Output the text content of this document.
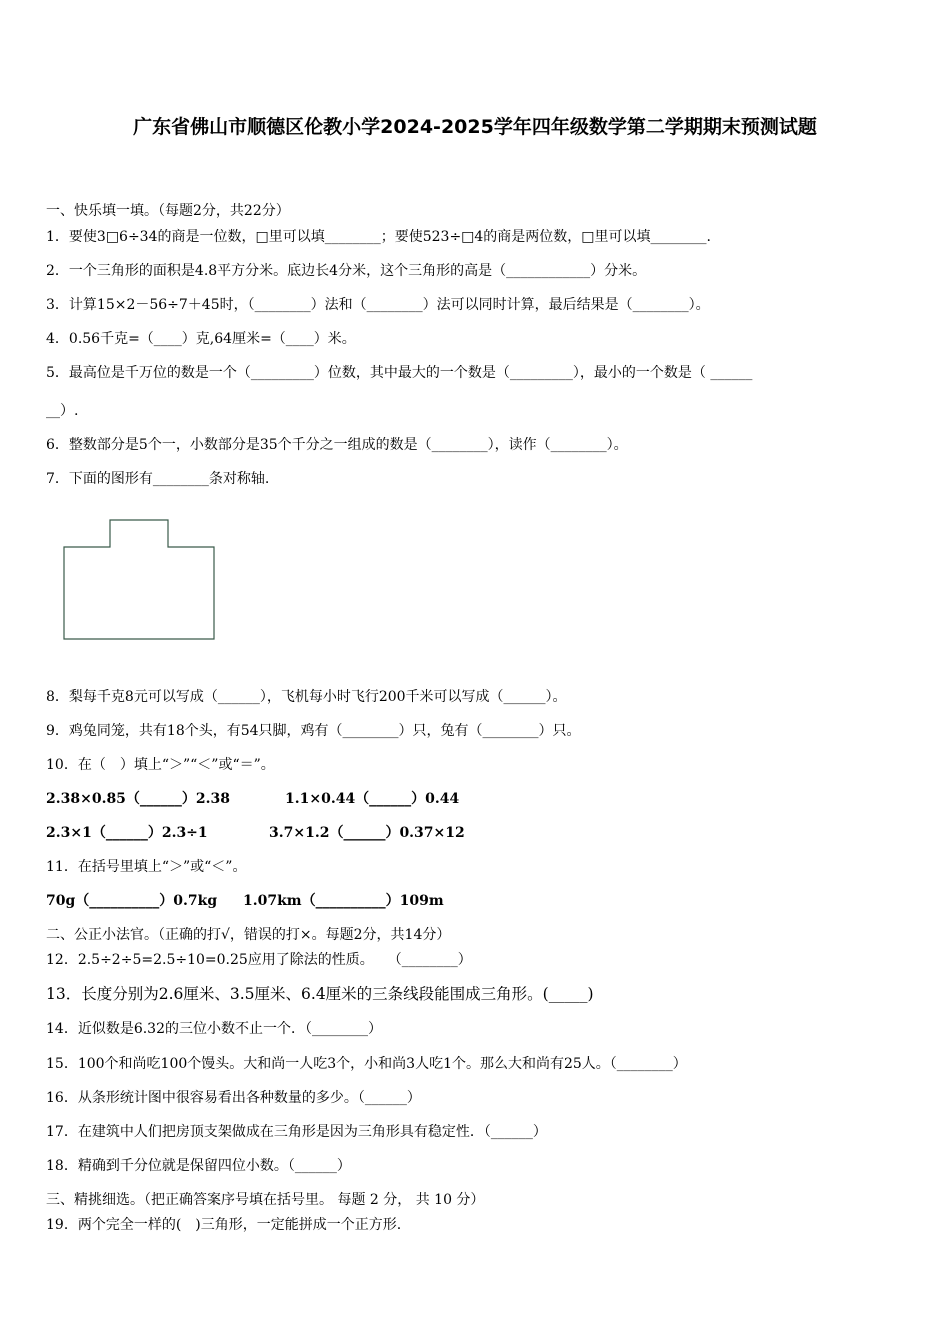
广东省佛山市顺德区伦教小学2024-2025学年四年级数学第二学期期末预测试题
一、快乐填一填。（每题2分，共22分）
1．要使3□6÷34的商是一位数，□里可以填________；要使523÷□4的商是两位数，□里可以填________.
2．一个三角形的面积是4.8平方分米。底边长4分米，这个三角形的高是（____________）分米。
3．计算15×2－56÷7＋45时，（________）法和（________）法可以同时计算，最后结果是（________）。
4．0.56千克=（____）克,64厘米=（____）米。
5．最高位是千万位的数是一个（_________）位数，其中最大的一个数是（_________），最小的一个数是（ ______
__）.
6．整数部分是5个一，小数部分是35个千分之一组成的数是（________），读作（________）。
7．下面的图形有________条对称轴.
8．梨每千克8元可以写成（______），飞机每小时飞行200千米可以写成（______）。
9．鸡兔同笼，共有18个头，有54只脚，鸡有（________）只，兔有（________）只。
10．在（　）填上“＞”“＜”或“＝”。
2.38×0.85（______）2.38	1.1×0.44（______）0.44
2.3×1（______）2.3÷1	3.7×1.2（______）0.37×12
11．在括号里填上“＞”或“＜”。
70g（__________）0.7kg 1.07km（__________）109m
二、公正小法官。（正确的打√，错误的打×。每题2分，共14分）
12．2.5÷2÷5=2.5÷10=0.25应用了除法的性质。　　（________）
13．长度分别为2.6厘米、3.5厘米、6.4厘米的三条线段能围成三角形。(_____)
14．近似数是6.32的三位小数不止一个．（________）
15．100个和尚吃100个馒头。大和尚一人吃3个，小和尚3人吃1个。那么大和尚有25人。（________）
16．从条形统计图中很容易看出各种数量的多少。（______）
17．在建筑中人们把房顶支架做成在三角形是因为三角形具有稳定性．（______）
18．精确到千分位就是保留四位小数。（______）
三、精挑细选。（把正确答案序号填在括号里。 每题 2 分， 共 10 分）
19．两个完全一样的(　)三角形，一定能拼成一个正方形.
